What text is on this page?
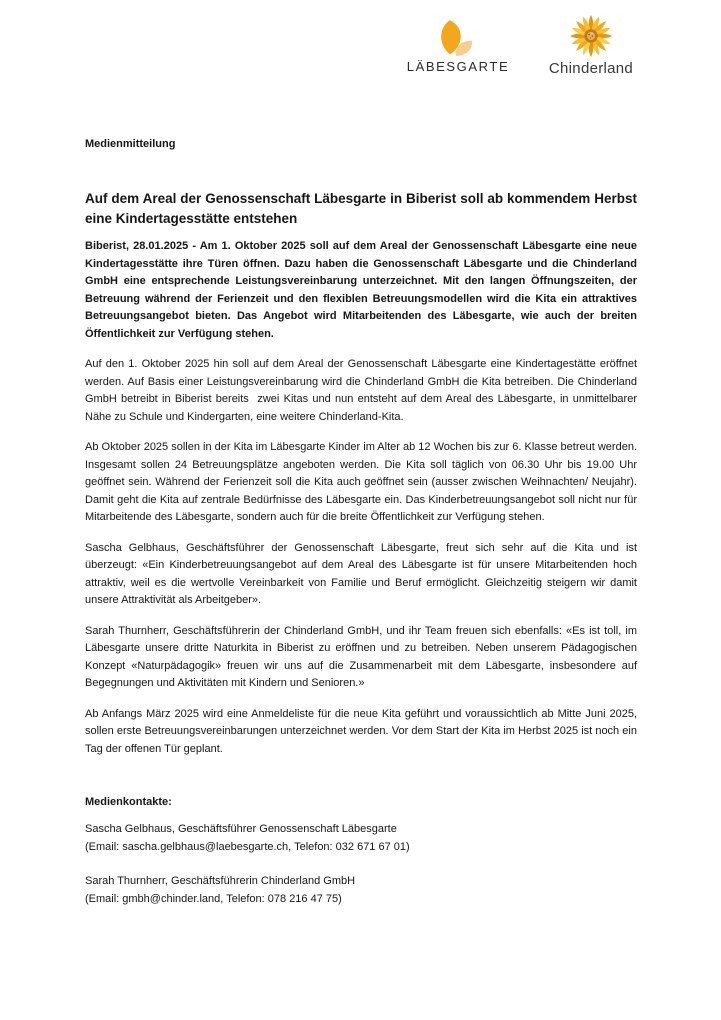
LÄBESGARTE	Chinderland
Medienmitteilung
Auf dem Areal der Genossenschaft Läbesgarte in Biberist soll ab kommendem Herbst eine Kindertagesstätte entstehen

Biberist, 28.01.2025 - Am 1. Oktober 2025 soll auf dem Areal der Genossenschaft Läbesgarte eine neue Kindertagesstätte ihre Türen öffnen. Dazu haben die Genossenschaft Läbesgarte und die Chinderland GmbH eine entsprechende Leistungsvereinbarung unterzeichnet. Mit den langen Öffnungszeiten, der Betreuung während der Ferienzeit und den flexiblen Betreuungsmodellen wird die Kita ein attraktives Betreuungsangebot bieten. Das Angebot wird Mitarbeitenden des Läbesgarte, wie auch der breiten Öffentlichkeit zur Verfügung stehen.

Auf den 1. Oktober 2025 hin soll auf dem Areal der Genossenschaft Läbesgarte eine Kindertagestätte eröffnet werden. Auf Basis einer Leistungsvereinbarung wird die Chinderland GmbH die Kita betreiben. Die Chinderland GmbH betreibt in Biberist bereits  zwei Kitas und nun entsteht auf dem Areal des Läbesgarte, in unmittelbarer Nähe zu Schule und Kindergarten, eine weitere Chinderland-Kita.

Ab Oktober 2025 sollen in der Kita im Läbesgarte Kinder im Alter ab 12 Wochen bis zur 6. Klasse betreut werden. Insgesamt sollen 24 Betreuungsplätze angeboten werden. Die Kita soll täglich von 06.30 Uhr bis 19.00 Uhr geöffnet sein. Während der Ferienzeit soll die Kita auch geöffnet sein (ausser zwischen Weihnachten/ Neujahr). Damit geht die Kita auf zentrale Bedürfnisse des Läbesgarte ein. Das Kinderbetreuungsangebot soll nicht nur für Mitarbeitende des Läbesgarte, sondern auch für die breite Öffentlichkeit zur Verfügung stehen.

Sascha Gelbhaus, Geschäftsführer der Genossenschaft Läbesgarte, freut sich sehr auf die Kita und ist überzeugt: «Ein Kinderbetreuungsangebot auf dem Areal des Läbesgarte ist für unsere Mitarbeitenden hoch attraktiv, weil es die wertvolle Vereinbarkeit von Familie und Beruf ermöglicht. Gleichzeitig steigern wir damit unsere Attraktivität als Arbeitgeber».

Sarah Thurnherr, Geschäftsführerin der Chinderland GmbH, und ihr Team freuen sich ebenfalls: «Es ist toll, im Läbesgarte unsere dritte Naturkita in Biberist zu eröffnen und zu betreiben. Neben unserem Pädagogischen Konzept «Naturpädagogik» freuen wir uns auf die Zusammenarbeit mit dem Läbesgarte, insbesondere auf Begegnungen und Aktivitäten mit Kindern und Senioren.»

Ab Anfangs März 2025 wird eine Anmeldeliste für die neue Kita geführt und voraussichtlich ab Mitte Juni 2025, sollen erste Betreuungsvereinbarungen unterzeichnet werden. Vor dem Start der Kita im Herbst 2025 ist noch ein Tag der offenen Tür geplant.

Medienkontakte:
Sascha Gelbhaus, Geschäftsführer Genossenschaft Läbesgarte
(Email: sascha.gelbhaus@laebesgarte.ch, Telefon: 032 671 67 01)
Sarah Thurnherr, Geschäftsführerin Chinderland GmbH
(Email: gmbh@chinder.land, Telefon: 078 216 47 75)
